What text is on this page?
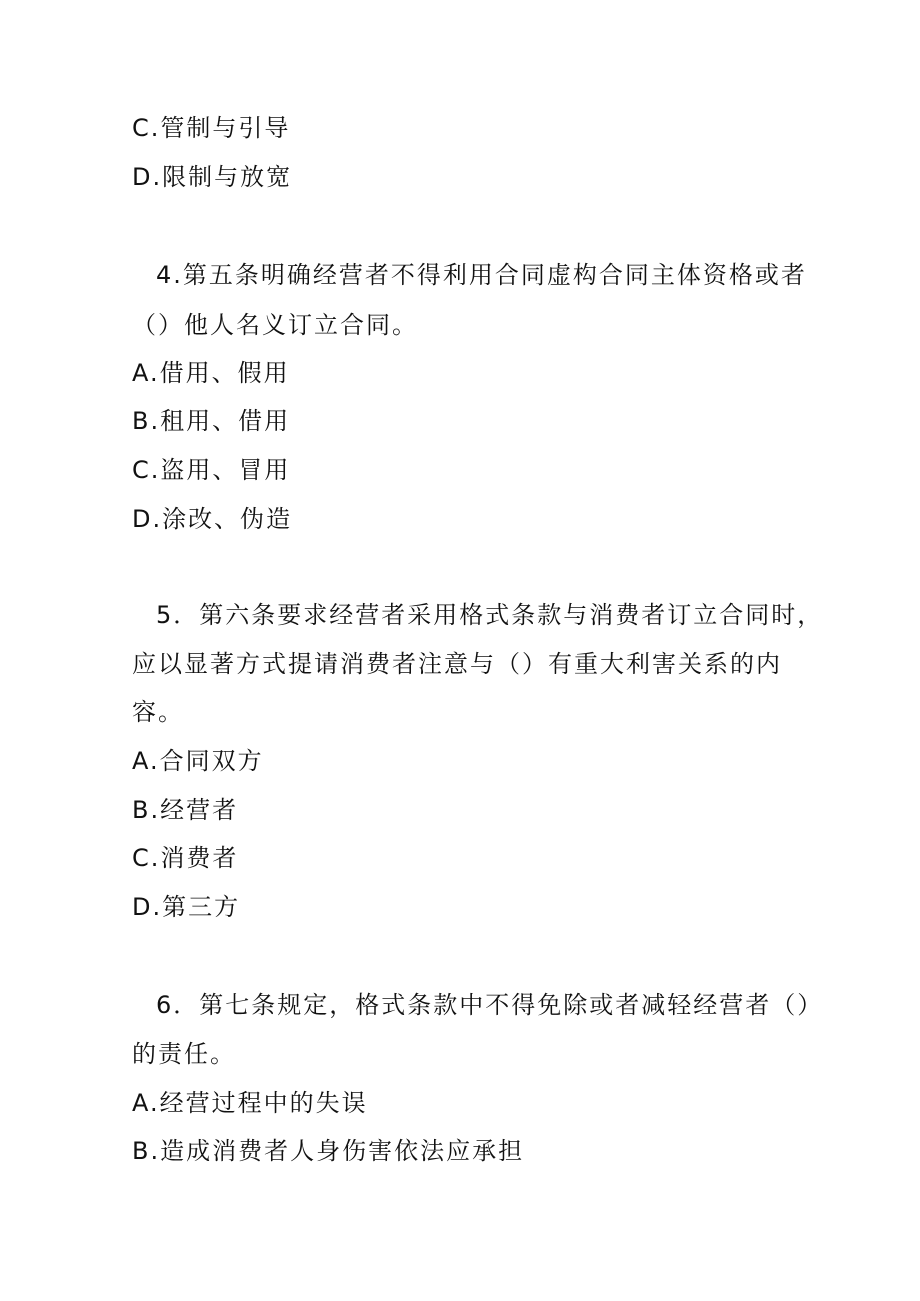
C.管制与引导
D.限制与放宽
4.第五条明确经营者不得利用合同虚构合同主体资格或者
（）他人名义订立合同。
A.借用、假用
B.租用、借用
C.盗用、冒用
D.涂改、伪造
5．第六条要求经营者采用格式条款与消费者订立合同时，
应以显著方式提请消费者注意与（）有重大利害关系的内
容。
A.合同双方
B.经营者
C.消费者
D.第三方
6．第七条规定，格式条款中不得免除或者减轻经营者（）
的责任。
A.经营过程中的失误
B.造成消费者人身伤害依法应承担
